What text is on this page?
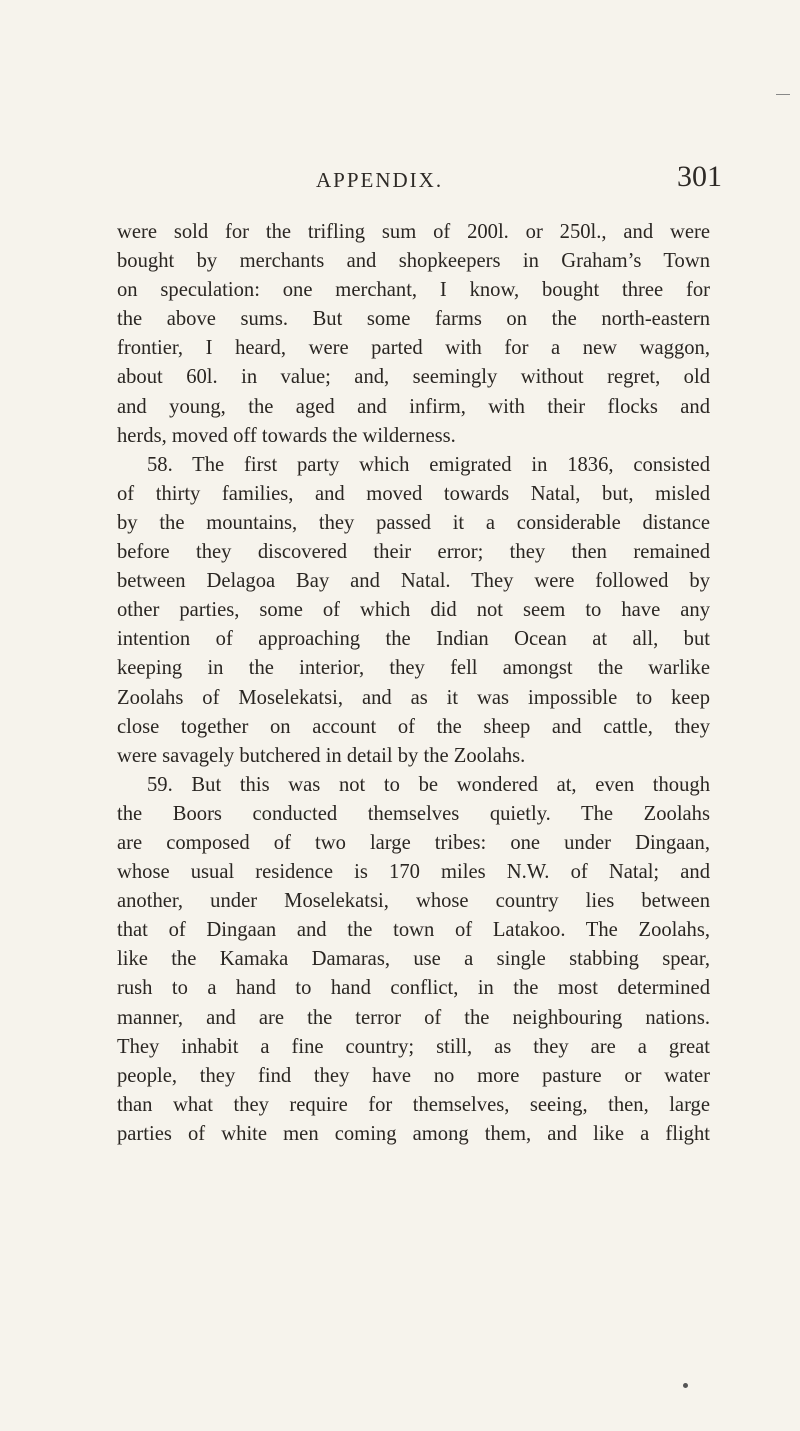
APPENDIX.	301
were sold for the trifling sum of 200l. or 250l., and were
bought by merchants and shopkeepers in Graham’s Town
on speculation: one merchant, I know, bought three for
the above sums. But some farms on the north-eastern
frontier, I heard, were parted with for a new waggon,
about 60l. in value; and, seemingly without regret, old
and young, the aged and infirm, with their flocks and
herds, moved off towards the wilderness.
58. The first party which emigrated in 1836, consisted
of thirty families, and moved towards Natal, but, misled
by the mountains, they passed it a considerable distance
before they discovered their error; they then remained
between Delagoa Bay and Natal. They were followed by
other parties, some of which did not seem to have any
intention of approaching the Indian Ocean at all, but
keeping in the interior, they fell amongst the warlike
Zoolahs of Moselekatsi, and as it was impossible to keep
close together on account of the sheep and cattle, they
were savagely butchered in detail by the Zoolahs.
59. But this was not to be wondered at, even though
the Boors conducted themselves quietly. The Zoolahs
are composed of two large tribes: one under Dingaan,
whose usual residence is 170 miles N.W. of Natal; and
another, under Moselekatsi, whose country lies between
that of Dingaan and the town of Latakoo. The Zoolahs,
like the Kamaka Damaras, use a single stabbing spear,
rush to a hand to hand conflict, in the most determined
manner, and are the terror of the neighbouring nations.
They inhabit a fine country; still, as they are a great
people, they find they have no more pasture or water
than what they require for themselves, seeing, then, large
parties of white men coming among them, and like a flight
